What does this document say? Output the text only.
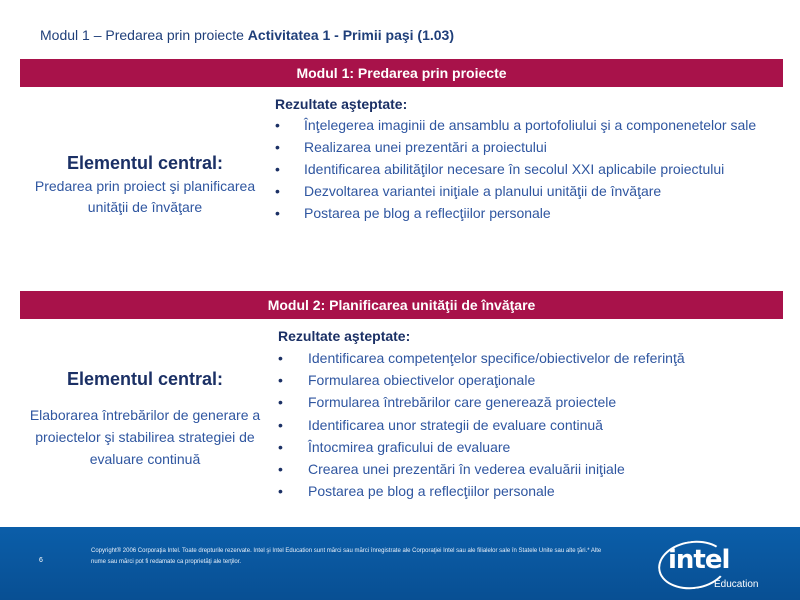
Modul 1 – Predarea prin proiecte Activitatea 1 - Primii paşi (1.03)
Modul 1: Predarea prin proiecte
Elementul central:
Predarea prin proiect şi planificarea unităţii de învăţare
Rezultate aşteptate:
• Înţelegerea imaginii de ansamblu a portofoliului şi a componenetelor sale
• Realizarea unei prezentări a proiectului
• Identificarea abilităţilor necesare în secolul XXI aplicabile proiectului
• Dezvoltarea variantei iniţiale a planului unităţii de învăţare
• Postarea pe blog a reflecţiilor personale
Modul 2: Planificarea unităţii de învăţare
Elementul central:
Elaborarea întrebărilor de generare a proiectelor şi stabilirea strategiei de evaluare continuă
Rezultate aşteptate:
• Identificarea competenţelor specifice/obiectivelor de referinţă
• Formularea obiectivelor operaţionale
• Formularea întrebărilor care generează proiectele
• Identificarea unor strategii de evaluare continuă
• Întocmirea graficului de evaluare
• Crearea unei prezentări în vederea evaluării iniţiale
• Postarea pe blog a reflecţiilor personale
6
Copyright® 2006 Corporaţia Intel. Toate drepturile rezervate. Intel şi Intel Education sunt mărci sau mărci înregistrate ale Corporaţiei Intel sau ale filialelor sale în Statele Unite sau alte ţări.* Alte nume sau mărci pot fi redamate ca proprietăţi ale terţilor.	intel
Education
